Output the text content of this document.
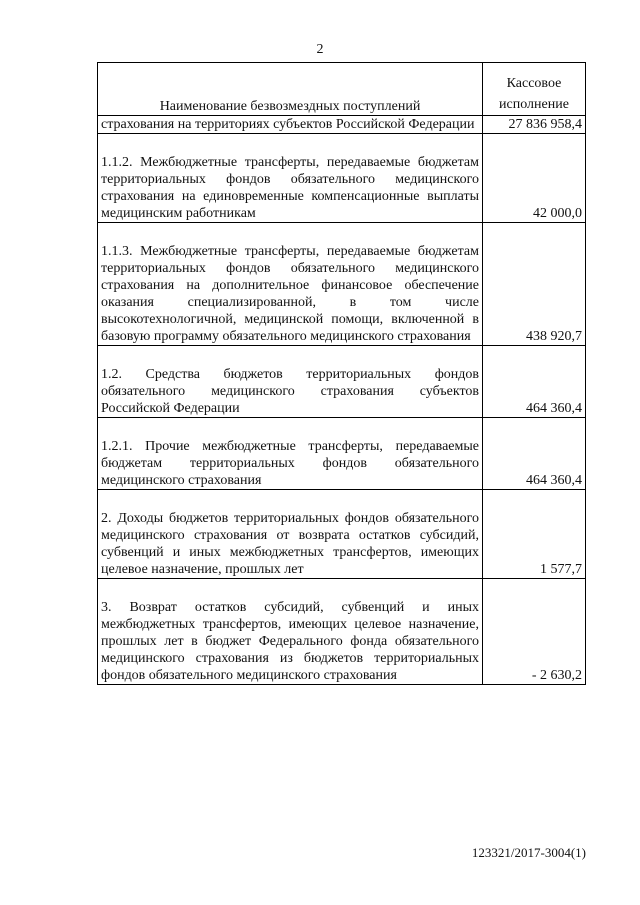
2
Наименование безвозмездных поступлений	Кассовое исполнение
страхования на территориях субъектов Российской Федерации	27 836 958,4
1.1.2. Межбюджетные трансферты, передаваемые бюджетам территориальных фондов обязательного медицинского страхования на единовременные компенсационные выплаты медицинским работникам	42 000,0
1.1.3. Межбюджетные трансферты, передаваемые бюджетам территориальных фондов обязательного медицинского страхования на дополнительное финансовое обеспечение оказания специализированной, в том числе высокотехнологичной, медицинской помощи, включенной в базовую программу обязательного медицинского страхования	438 920,7
1.2. Средства бюджетов территориальных фондов обязательного медицинского страхования субъектов Российской Федерации	464 360,4
1.2.1. Прочие межбюджетные трансферты, передаваемые бюджетам территориальных фондов обязательного медицинского страхования	464 360,4
2. Доходы бюджетов территориальных фондов обязательного медицинского страхования от возврата остатков субсидий, субвенций и иных межбюджетных трансфертов, имеющих целевое назначение, прошлых лет	1 577,7
3. Возврат остатков субсидий, субвенций и иных межбюджетных трансфертов, имеющих целевое назначение, прошлых лет в бюджет Федерального фонда обязательного медицинского страхования из бюджетов территориальных фондов обязательного медицинского страхования	- 2 630,2
123321/2017-3004(1)
